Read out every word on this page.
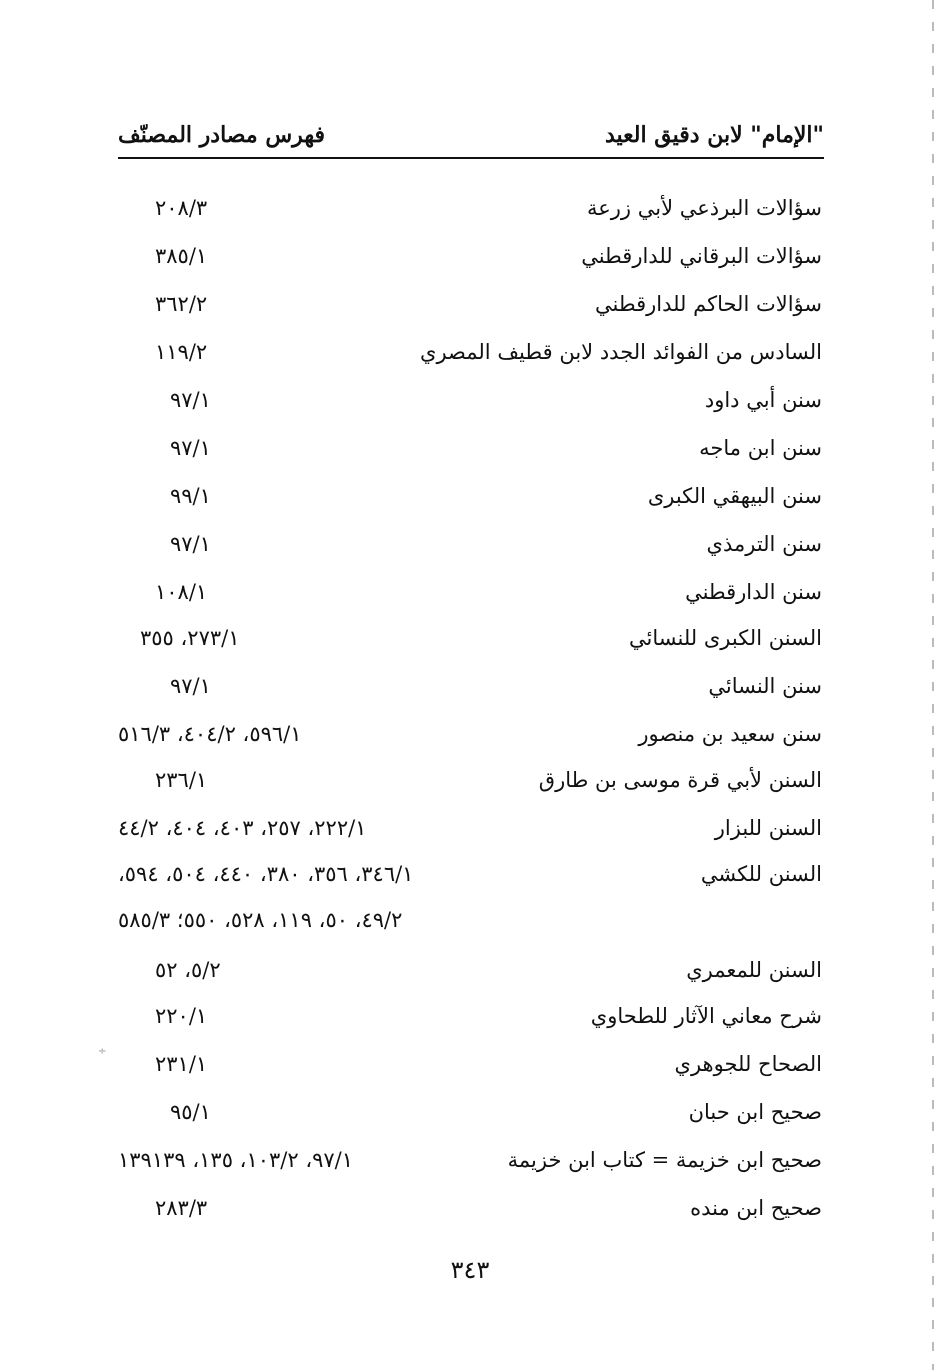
÷
"الإمام" لابن دقيق العيد
فهرس مصادر المصنّف
سؤالات البرذعي لأبي زرعة
٢٠٨/٣
سؤالات البرقاني للدارقطني
٣٨٥/١
سؤالات الحاكم للدارقطني
٣٦٢/٢
السادس من الفوائد الجدد لابن قطيف المصري
١١٩/٢
سنن أبي داود
٩٧/١
سنن ابن ماجه
٩٧/١
سنن البيهقي الكبرى
٩٩/١
سنن الترمذي
٩٧/١
سنن الدارقطني
١٠٨/١
السنن الكبرى للنسائي
٢٧٣/١، ٣٥٥
سنن النسائي
٩٧/١
سنن سعيد بن منصور
٥٩٦/١، ٤٠٤/٢، ٥١٦/٣
السنن لأبي قرة موسى بن طارق
٢٣٦/١
السنن للبزار
٢٢٢/١، ٢٥٧، ٤٠٣، ٤٠٤، ٤٤/٢
السنن للكشي
٣٤٦/١، ٣٥٦، ٣٨٠، ٤٤٠، ٥٠٤، ٥٩٤،
٤٩/٢، ٥٠، ١١٩، ٥٢٨، ٥٥٠؛ ٥٨٥/٣
السنن للمعمري
٥/٢، ٥٢
شرح معاني الآثار للطحاوي
٢٢٠/١
الصحاح للجوهري
٢٣١/١
صحيح ابن حبان
٩٥/١
صحيح ابن خزيمة = كتاب ابن خزيمة
٩٧/١، ١٠٣/٢، ١٣٥، ١٣٩١٣٩
صحيح ابن منده
٢٨٣/٣
٣٤٣
